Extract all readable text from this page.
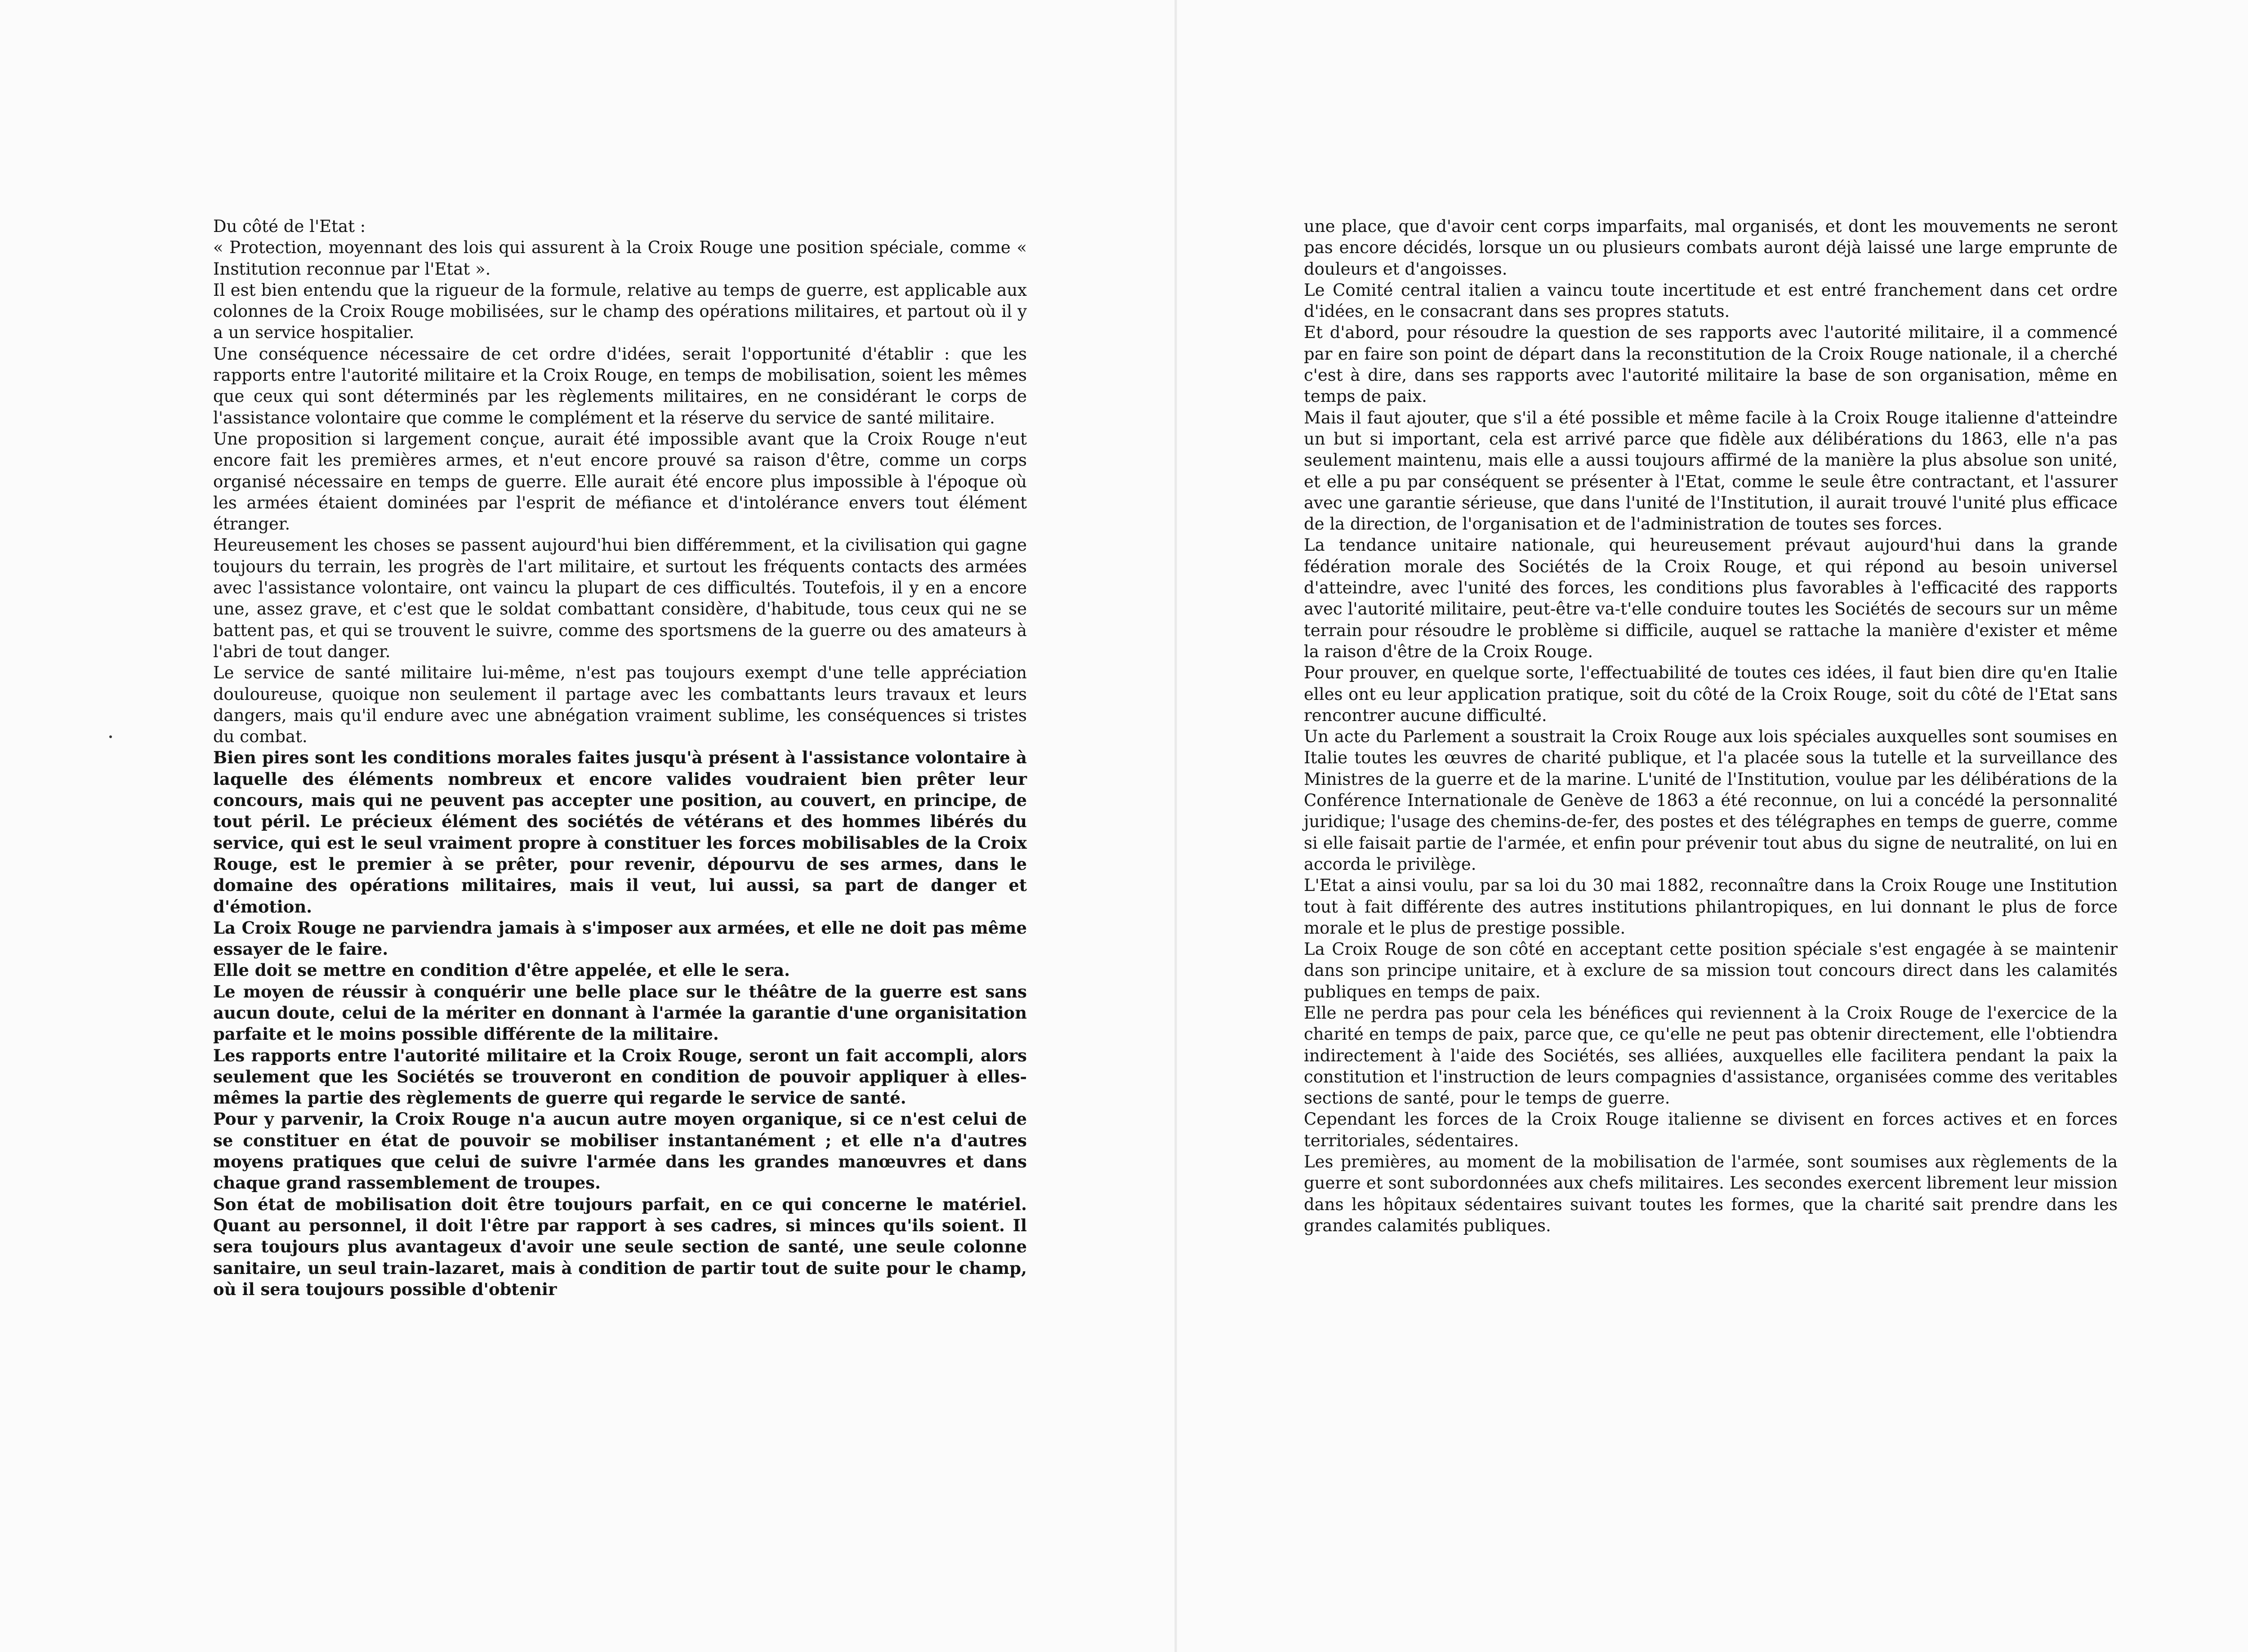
Du côté de l'Etat :

« Protection, moyennant des lois qui assurent à la Croix Rouge une position spéciale, comme « Institution reconnue par l'Etat ».

Il est bien entendu que la rigueur de la formule, relative au temps de guerre, est applicable aux colonnes de la Croix Rouge mobilisées, sur le champ des opérations militaires, et partout où il y a un service hospitalier.

Une conséquence nécessaire de cet ordre d'idées, serait l'opportunité d'établir : que les rapports entre l'autorité militaire et la Croix Rouge, en temps de mobilisation, soient les mêmes que ceux qui sont déterminés par les règlements militaires, en ne considérant le corps de l'assistance volontaire que comme le complément et la réserve du service de santé militaire.

Une proposition si largement conçue, aurait été impossible avant que la Croix Rouge n'eut encore fait les premières armes, et n'eut encore prouvé sa raison d'être, comme un corps organisé nécessaire en temps de guerre. Elle aurait été encore plus impossible à l'époque où les armées étaient dominées par l'esprit de méfiance et d'intolérance envers tout élément étranger.

Heureusement les choses se passent aujourd'hui bien différemment, et la civilisation qui gagne toujours du terrain, les progrès de l'art militaire, et surtout les fréquents contacts des armées avec l'assistance volontaire, ont vaincu la plupart de ces difficultés. Toutefois, il y en a encore une, assez grave, et c'est que le soldat combattant considère, d'habitude, tous ceux qui ne se battent pas, et qui se trouvent le suivre, comme des sportsmens de la guerre ou des amateurs à l'abri de tout danger.

Le service de santé militaire lui-même, n'est pas toujours exempt d'une telle appréciation douloureuse, quoique non seulement il partage avec les combattants leurs travaux et leurs dangers, mais qu'il endure avec une abnégation vraiment sublime, les conséquences si tristes du combat.

Bien pires sont les conditions morales faites jusqu'à présent à l'assistance volontaire à laquelle des éléments nombreux et encore valides voudraient bien prêter leur concours, mais qui ne peuvent pas accepter une position, au couvert, en principe, de tout péril. Le précieux élément des sociétés de vétérans et des hommes libérés du service, qui est le seul vraiment propre à constituer les forces mobilisables de la Croix Rouge, est le premier à se prêter, pour revenir, dépourvu de ses armes, dans le domaine des opérations militaires, mais il veut, lui aussi, sa part de danger et d'émotion.

La Croix Rouge ne parviendra jamais à s'imposer aux armées, et elle ne doit pas même essayer de le faire.

Elle doit se mettre en condition d'être appelée, et elle le sera.

Le moyen de réussir à conquérir une belle place sur le théâtre de la guerre est sans aucun doute, celui de la mériter en donnant à l'armée la garantie d'une organisitation parfaite et le moins possible différente de la militaire.

Les rapports entre l'autorité militaire et la Croix Rouge, seront un fait accompli, alors seulement que les Sociétés se trouveront en condition de pouvoir appliquer à elles-mêmes la partie des règlements de guerre qui regarde le service de santé.

Pour y parvenir, la Croix Rouge n'a aucun autre moyen organique, si ce n'est celui de se constituer en état de pouvoir se mobiliser instantanément ; et elle n'a d'autres moyens pratiques que celui de suivre l'armée dans les grandes manœuvres et dans chaque grand rassemblement de troupes.

Son état de mobilisation doit être toujours parfait, en ce qui concerne le matériel. Quant au personnel, il doit l'être par rapport à ses cadres, si minces qu'ils soient. Il sera toujours plus avantageux d'avoir une seule section de santé, une seule colonne sanitaire, un seul train-lazaret, mais à condition de partir tout de suite pour le champ, où il sera toujours possible d'obtenir

une place, que d'avoir cent corps imparfaits, mal organisés, et dont les mouvements ne seront pas encore décidés, lorsque un ou plusieurs combats auront déjà laissé une large emprunte de douleurs et d'angoisses.

Le Comité central italien a vaincu toute incertitude et est entré franchement dans cet ordre d'idées, en le consacrant dans ses propres statuts.

Et d'abord, pour résoudre la question de ses rapports avec l'autorité militaire, il a commencé par en faire son point de départ dans la reconstitution de la Croix Rouge nationale, il a cherché c'est à dire, dans ses rapports avec l'autorité militaire la base de son organisation, même en temps de paix.

Mais il faut ajouter, que s'il a été possible et même facile à la Croix Rouge italienne d'atteindre un but si important, cela est arrivé parce que fidèle aux délibérations du 1863, elle n'a pas seulement maintenu, mais elle a aussi toujours affirmé de la manière la plus absolue son unité, et elle a pu par conséquent se présenter à l'Etat, comme le seule être contractant, et l'assurer avec une garantie sérieuse, que dans l'unité de l'Institution, il aurait trouvé l'unité plus efficace de la direction, de l'organisation et de l'administration de toutes ses forces.

La tendance unitaire nationale, qui heureusement prévaut aujourd'hui dans la grande fédération morale des Sociétés de la Croix Rouge, et qui répond au besoin universel d'atteindre, avec l'unité des forces, les conditions plus favorables à l'efficacité des rapports avec l'autorité militaire, peut-être va-t'elle conduire toutes les Sociétés de secours sur un même terrain pour résoudre le problème si difficile, auquel se rattache la manière d'exister et même la raison d'être de la Croix Rouge.

Pour prouver, en quelque sorte, l'effectuabilité de toutes ces idées, il faut bien dire qu'en Italie elles ont eu leur application pratique, soit du côté de la Croix Rouge, soit du côté de l'Etat sans rencontrer aucune difficulté.

Un acte du Parlement a soustrait la Croix Rouge aux lois spéciales auxquelles sont soumises en Italie toutes les œuvres de charité publique, et l'a placée sous la tutelle et la surveillance des Ministres de la guerre et de la marine. L'unité de l'Institution, voulue par les délibérations de la Conférence Internationale de Genève de 1863 a été reconnue, on lui a concédé la personnalité juridique; l'usage des chemins-de-fer, des postes et des télégraphes en temps de guerre, comme si elle faisait partie de l'armée, et enfin pour prévenir tout abus du signe de neutralité, on lui en accorda le privilège.

L'Etat a ainsi voulu, par sa loi du 30 mai 1882, reconnaître dans la Croix Rouge une Institution tout à fait différente des autres institutions philantropiques, en lui donnant le plus de force morale et le plus de prestige possible.

La Croix Rouge de son côté en acceptant cette position spéciale s'est engagée à se maintenir dans son principe unitaire, et à exclure de sa mission tout concours direct dans les calamités publiques en temps de paix.

Elle ne perdra pas pour cela les bénéfices qui reviennent à la Croix Rouge de l'exercice de la charité en temps de paix, parce que, ce qu'elle ne peut pas obtenir directement, elle l'obtiendra indirectement à l'aide des Sociétés, ses alliées, auxquelles elle facilitera pendant la paix la constitution et l'instruction de leurs compagnies d'assistance, organisées comme des veritables sections de santé, pour le temps de guerre.

Cependant les forces de la Croix Rouge italienne se divisent en forces actives et en forces territoriales, sédentaires.

Les premières, au moment de la mobilisation de l'armée, sont soumises aux règlements de la guerre et sont subordonnées aux chefs militaires. Les secondes exercent librement leur mission dans les hôpitaux sédentaires suivant toutes les formes, que la charité sait prendre dans les grandes calamités publiques.
